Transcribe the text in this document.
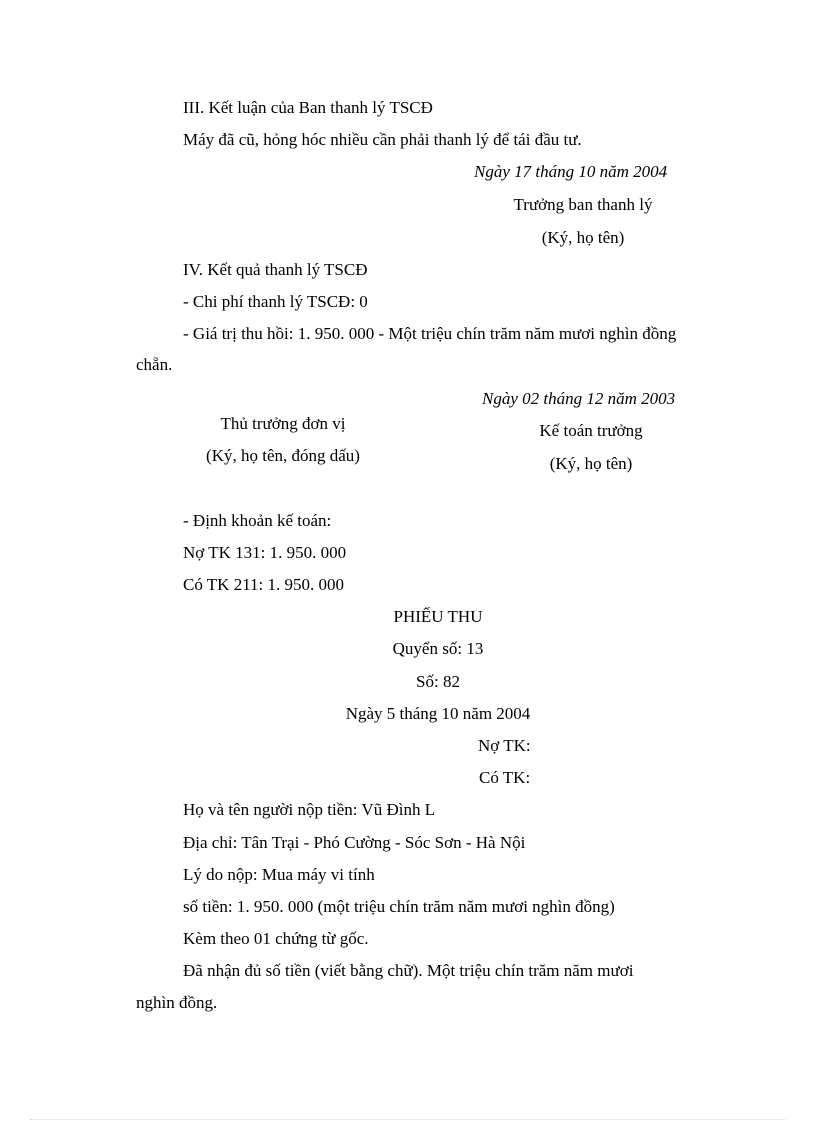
III. Kết luận của Ban thanh lý TSCĐ
Máy đã cũ, hỏng hóc nhiều cần phải thanh lý để tái đầu tư.
Ngày 17 tháng 10 năm 2004
Trưởng ban thanh lý
(Ký, họ tên)
IV. Kết quả thanh lý TSCĐ
- Chi phí thanh lý TSCĐ: 0
- Giá trị thu hồi: 1. 950. 000 - Một triệu chín trăm năm mươi nghìn đồng
chẵn.
Ngày 02 tháng 12 năm 2003
Thủ trưởng đơn vị
(Ký, họ tên, đóng dấu)
Kế toán trưởng
(Ký, họ tên)
- Định khoản kế toán:
Nợ TK 131: 1. 950. 000
Có TK 211: 1. 950. 000
PHIẾU THU
Quyển số: 13
Số: 82
Ngày 5 tháng 10 năm 2004
Nợ TK:
Có TK:
Họ và tên người nộp tiền: Vũ Đình L
Địa chỉ: Tân Trại - Phó Cường - Sóc Sơn - Hà Nội
Lý do nộp: Mua máy vi tính
số tiền: 1. 950. 000 (một triệu chín trăm năm mươi nghìn đồng)
Kèm theo 01 chứng từ gốc.
Đã nhận đủ số tiền (viết bằng chữ). Một triệu chín trăm năm mươi
nghìn đồng.
